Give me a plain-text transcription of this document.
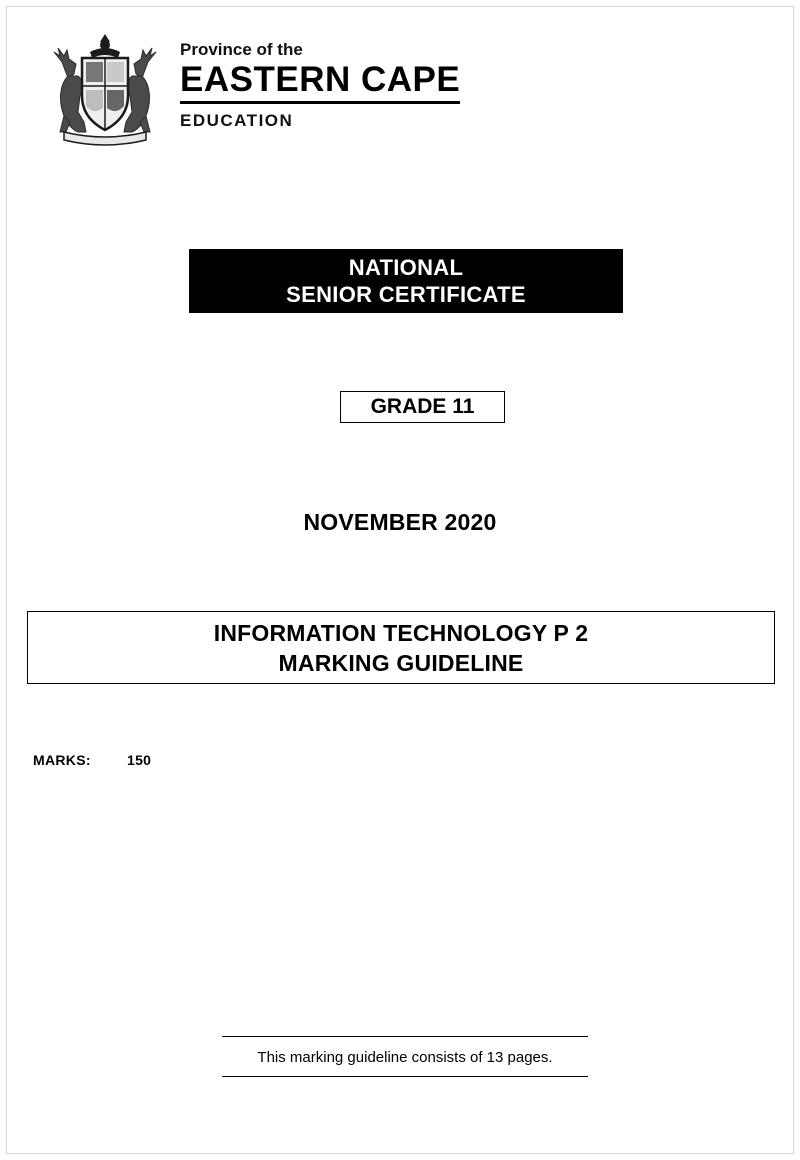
Province of the
EASTERN CAPE
EDUCATION
NATIONAL
SENIOR CERTIFICATE
GRADE 11
NOVEMBER 2020
INFORMATION TECHNOLOGY P 2
MARKING GUIDELINE
MARKS:	150
This marking guideline consists of 13 pages.
